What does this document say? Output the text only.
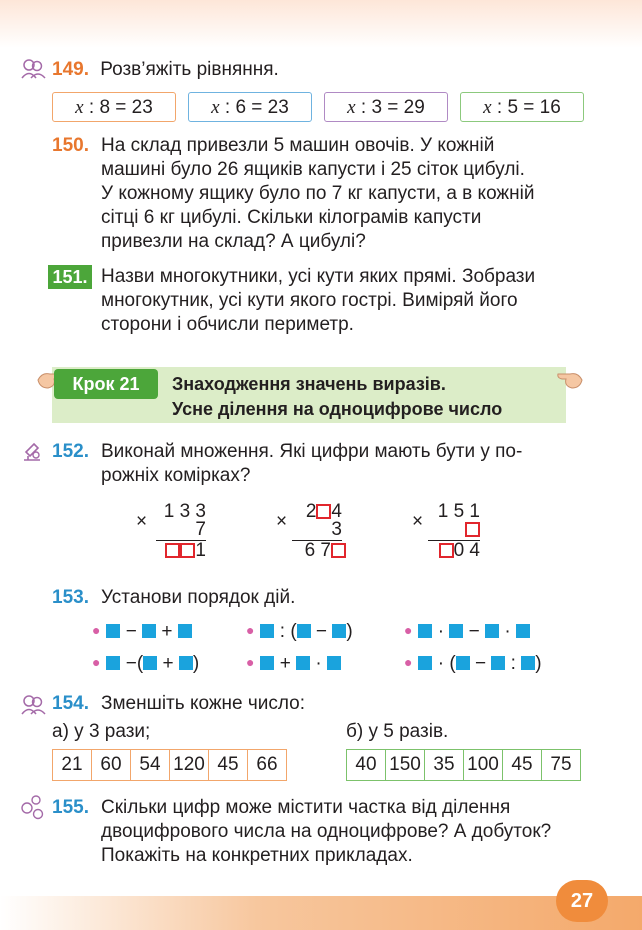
149. Розв’яжіть рівняння.
x : 8 = 23	x : 6 = 23	x : 3 = 29	x : 5 = 16
150. На склад привезли 5 машин овочів. У кожній
машині було 26 ящиків капусти і 25 сіток цибулі.
У кожному ящику було по 7 кг капусти, а в кожній
сітці 6 кг цибулі. Скільки кілограмів капусти
привезли на склад? А цибулі?
151. Назви многокутники, усі кути яких прямі. Зобрази
многокутник, усі кути якого гострі. Виміряй його
сторони і обчисли периметр.
Крок 21	Знаходження значень виразів.
Усне ділення на одноцифрове число
152. Виконай множення. Які цифри мають бути у по-
рожніх комірках?
× 1 3 3
7
1
× 2 4
3
6 7
× 1 5 1
0 4
153. Установи порядок дій.
● − +	● : ( − )	● · − ·
● −( + )	● + ·	● · ( − : )
154. Зменшіть кожне число:
а) у 3 рази;	б) у 5 разів.
21	60	54	120	45	66	40	150	35	100	45	75
155. Скільки цифр може містити частка від ділення
двоцифрового числа на одноцифрове? А добуток?
Покажіть на конкретних прикладах.
27
